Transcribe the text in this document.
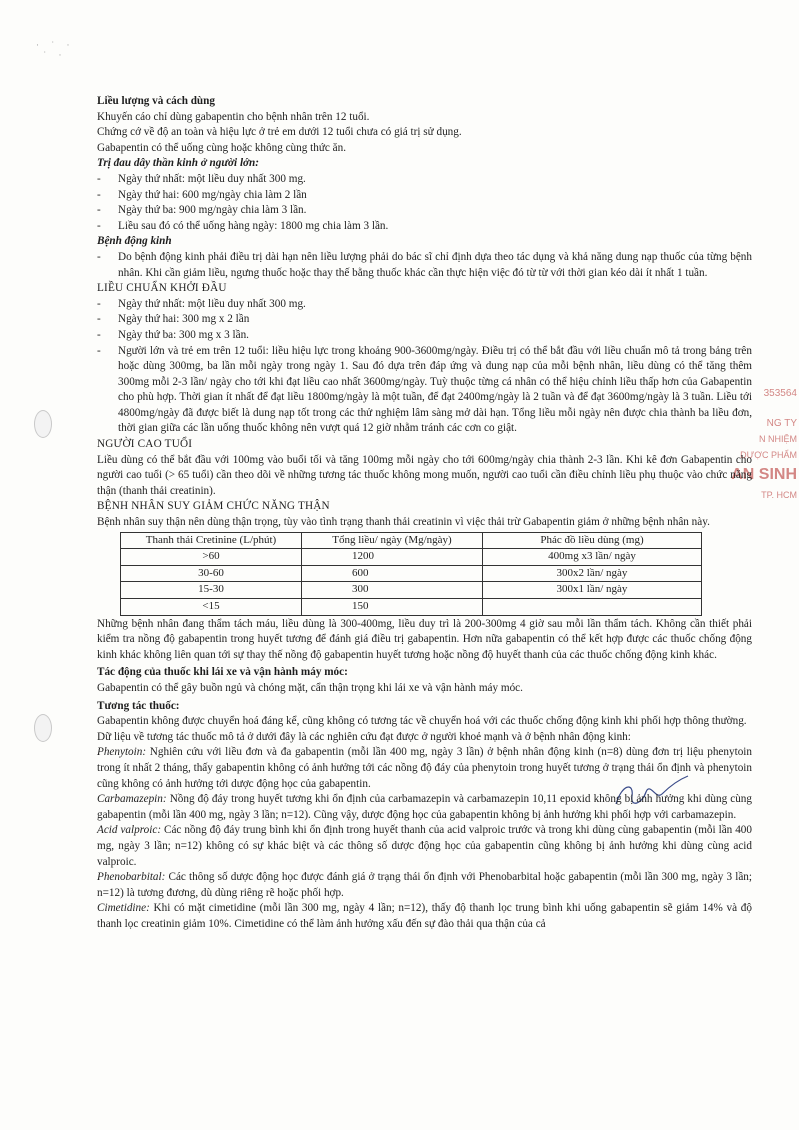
· ˙ ·
˙ ·
353564
NG TY
N NHIỆM
DƯỢC PHẨM
AN SINH
TP. HCM
Liều lượng và cách dùng
Khuyến cáo chỉ dùng gabapentin cho bệnh nhân trên 12 tuổi.
Chứng cớ về độ an toàn và hiệu lực ở trẻ em dưới 12 tuổi chưa có giá trị sử dụng.
Gabapentin có thể uống cùng hoặc không cùng thức ăn.
Trị đau dây thần kinh ở người lớn:
- Ngày thứ nhất: một liều duy nhất 300 mg.
- Ngày thứ hai: 600 mg/ngày chia làm 2 lần
- Ngày thứ ba: 900 mg/ngày chia làm 3 lần.
- Liều sau đó có thể uống hàng ngày: 1800 mg chia làm 3 lần.
Bệnh động kinh
- Do bệnh động kinh phải điều trị dài hạn nên liều lượng phải do bác sĩ chỉ định dựa theo tác dụng và khả năng dung nạp thuốc của từng bệnh nhân. Khi cần giảm liều, ngưng thuốc hoặc thay thế bằng thuốc khác cần thực hiện việc đó từ từ với thời gian kéo dài ít nhất 1 tuần.
LIỀU CHUẨN KHỞI ĐẦU
- Ngày thứ nhất: một liều duy nhất 300 mg.
- Ngày thứ hai: 300 mg x 2 lần
- Ngày thứ ba: 300 mg x 3 lần.
- Người lớn và trẻ em trên 12 tuổi: liều hiệu lực trong khoảng 900-3600mg/ngày. Điều trị có thể bắt đầu với liều chuẩn mô tả trong bảng trên hoặc dùng 300mg, ba lần mỗi ngày trong ngày 1. Sau đó dựa trên đáp ứng và dung nạp của mỗi bệnh nhân, liều dùng có thể tăng thêm 300mg mỗi 2-3 lần/ ngày cho tới khi đạt liều cao nhất 3600mg/ngày. Tuỳ thuộc từng cá nhân có thể hiệu chỉnh liều thấp hơn của Gabapentin cho phù hợp. Thời gian ít nhất để đạt liều 1800mg/ngày là một tuần, để đạt 2400mg/ngày là 2 tuần và để đạt 3600mg/ngày là 3 tuần. Liều tới 4800mg/ngày đã được biết là dung nạp tốt trong các thử nghiệm lâm sàng mở dài hạn. Tổng liều mỗi ngày nên được chia thành ba liều đơn, thời gian giữa các lần uống thuốc không nên vượt quá 12 giờ nhằm tránh các cơn co giật.
NGƯỜI CAO TUỔI
Liều dùng có thể bắt đầu với 100mg vào buổi tối và tăng 100mg mỗi ngày cho tới 600mg/ngày chia thành 2-3 lần. Khi kê đơn Gabapentin cho người cao tuổi (> 65 tuổi) cần theo dõi về những tương tác thuốc không mong muốn, người cao tuổi cần điều chỉnh liều phụ thuộc vào chức năng thận (thanh thải creatinin).
BỆNH NHÂN SUY GIẢM CHỨC NĂNG THẬN
Bệnh nhân suy thận nên dùng thận trọng, tùy vào tình trạng thanh thải creatinin vì việc thải trừ Gabapentin giảm ở những bệnh nhân này.
Thanh thải Cretinine (L/phút)	Tổng liều/ ngày (Mg/ngày)	Phác đồ liều dùng (mg)
>60	1200	400mg x3 lần/ ngày
30-60	600	300x2 lần/ ngày
15-30	300	300x1 lần/ ngày
<15	150	
Những bệnh nhân đang thẩm tách máu, liều dùng là 300-400mg, liều duy trì là 200-300mg 4 giờ sau mỗi lần thẩm tách. Không cần thiết phải kiểm tra nồng độ gabapentin trong huyết tương để đánh giá điều trị gabapentin. Hơn nữa gabapentin có thể kết hợp được các thuốc chống động kinh khác không liên quan tới sự thay thế nồng độ gabapentin huyết tương hoặc nồng độ huyết thanh của các thuốc chống động kinh khác.
Tác động của thuốc khi lái xe và vận hành máy móc:
Gabapentin có thể gây buồn ngủ và chóng mặt, cẩn thận trọng khi lái xe và vận hành máy móc.
Tương tác thuốc:
Gabapentin không được chuyển hoá đáng kể, cũng không có tương tác về chuyển hoá với các thuốc chống động kinh khi phối hợp thông thường.
Dữ liệu về tương tác thuốc mô tả ở dưới đây là các nghiên cứu đạt được ở người khoẻ mạnh và ở bệnh nhân động kinh:
Phenytoin: Nghiên cứu với liều đơn và đa gabapentin (mỗi lần 400 mg, ngày 3 lần) ở bệnh nhân động kinh (n=8) dùng đơn trị liệu phenytoin trong ít nhất 2 tháng, thấy gabapentin không có ảnh hưởng tới các nồng độ đáy của phenytoin trong huyết tương ở trạng thái ổn định và phenytoin cũng không có ảnh hưởng tới dược động học của gabapentin.
Carbamazepin: Nồng độ đáy trong huyết tương khi ổn định của carbamazepin và carbamazepin 10,11 epoxid không bị ảnh hưởng khi dùng cùng gabapentin (mỗi lần 400 mg, ngày 3 lần; n=12). Cũng vậy, dược động học của gabapentin không bị ảnh hưởng khi phối hợp với carbamazepin.
Acid valproic: Các nồng độ đáy trung bình khi ổn định trong huyết thanh của acid valproic trước và trong khi dùng cùng gabapentin (mỗi lần 400 mg, ngày 3 lần; n=12) không có sự khác biệt và các thông số dược động học của gabapentin cũng không bị ảnh hưởng khi dùng cùng acid valproic.
Phenobarbital: Các thông số dược động học được đánh giá ở trạng thái ổn định với Phenobarbital hoặc gabapentin (mỗi lần 300 mg, ngày 3 lần; n=12) là tương đương, dù dùng riêng rẽ hoặc phối hợp.
Cimetidine: Khi có mặt cimetidine (mỗi lần 300 mg, ngày 4 lần; n=12), thấy độ thanh lọc trung bình khi uống gabapentin sẽ giảm 14% và độ thanh lọc creatinin giảm 10%. Cimetidine có thể làm ảnh hưởng xấu đến sự đào thải qua thận của cả
